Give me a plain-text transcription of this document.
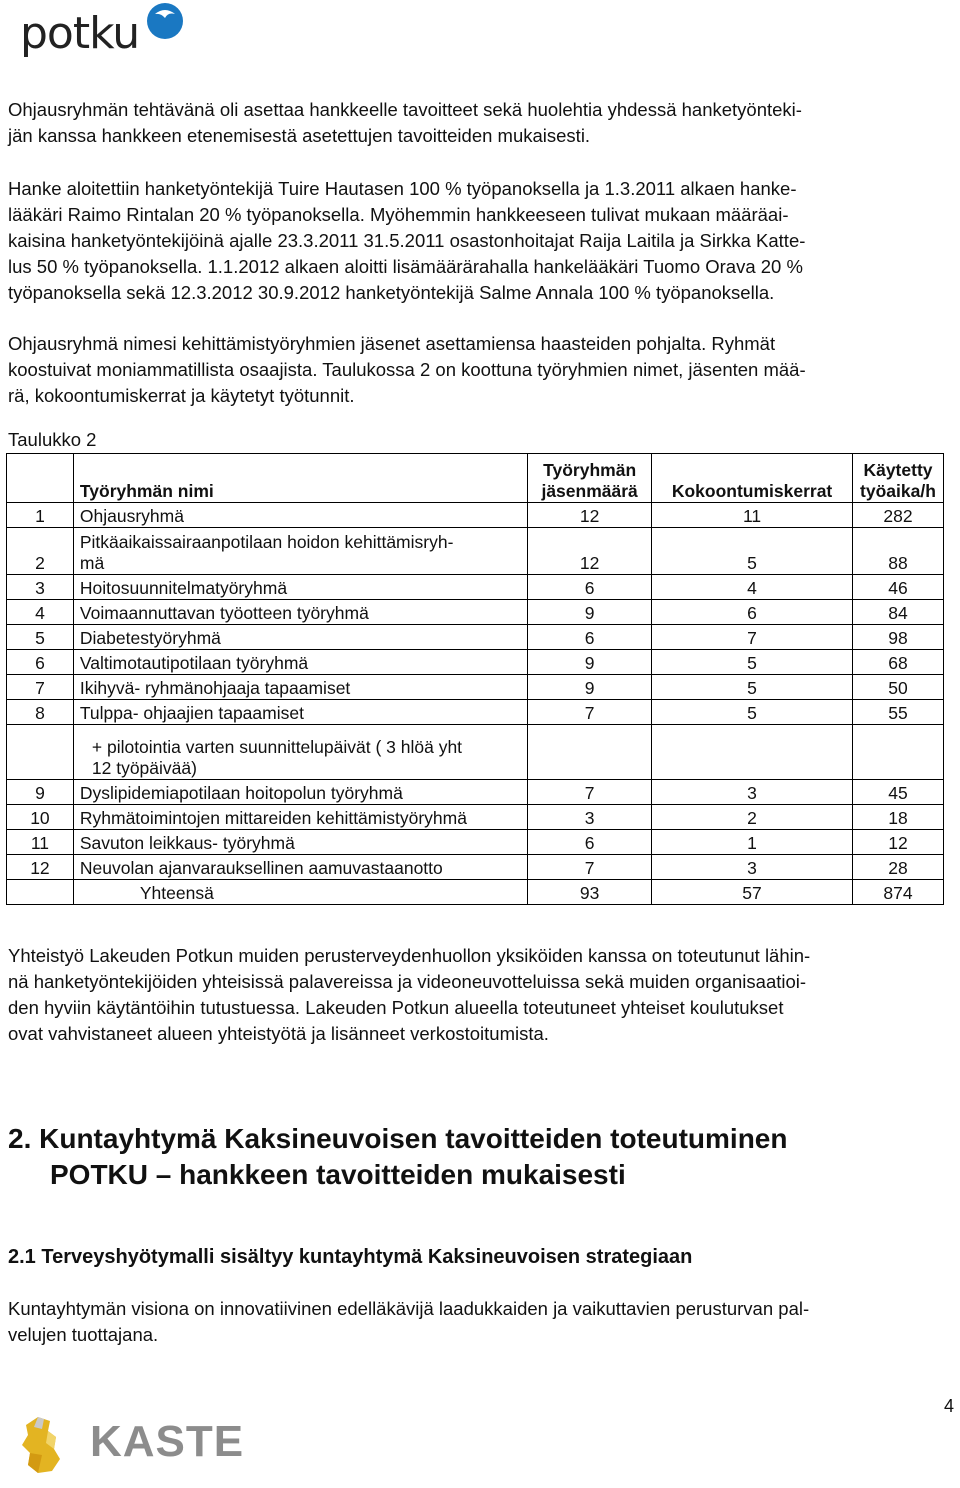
potku
Ohjausryhmän tehtävänä oli asettaa hankkeelle tavoitteet sekä huolehtia yhdessä hanketyönteki-
jän kanssa hankkeen etenemisestä asetettujen tavoitteiden mukaisesti.
Hanke aloitettiin hanketyöntekijä Tuire Hautasen 100 % työpanoksella ja 1.3.2011 alkaen hanke-
lääkäri Raimo Rintalan 20 % työpanoksella. Myöhemmin hankkeeseen tulivat mukaan määräai-
kaisina hanketyöntekijöinä ajalle 23.3.2011 31.5.2011 osastonhoitajat Raija Laitila ja Sirkka Katte-
lus 50 % työpanoksella. 1.1.2012 alkaen aloitti lisämäärärahalla hankelääkäri Tuomo Orava 20 %
työpanoksella sekä 12.3.2012 30.9.2012 hanketyöntekijä Salme Annala 100 % työpanoksella.
Ohjausryhmä nimesi kehittämistyöryhmien jäsenet asettamiensa haasteiden pohjalta. Ryhmät
koostuivat moniammatillista osaajista. Taulukossa 2 on koottuna työryhmien nimet, jäsenten mää-
rä, kokoontumiskerrat ja käytetyt työtunnit.
Taulukko 2
	Työryhmän nimi	Työryhmän
jäsenmäärä	Kokoontumiskerrat	Käytetty
työaika/h
1	Ohjausryhmä	12	11	282
2	Pitkäaikaissairaanpotilaan hoidon kehittämisryh-
mä	12	5	88
3	Hoitosuunnitelmatyöryhmä	6	4	46
4	Voimaannuttavan työotteen työryhmä	9	6	84
5	Diabetestyöryhmä	6	7	98
6	Valtimotautipotilaan työryhmä	9	5	68
7	Ikihyvä- ryhmänohjaaja tapaamiset	9	5	50
8	Tulppa- ohjaajien tapaamiset	7	5	55
	+ pilotointia varten suunnittelupäivät ( 3 hlöä yht
12 työpäivää)			
9	Dyslipidemiapotilaan hoitopolun työryhmä	7	3	45
10	Ryhmätoimintojen mittareiden kehittämistyöryhmä	3	2	18
11	Savuton leikkaus- työryhmä	6	1	12
12	Neuvolan ajanvarauksellinen aamuvastaanotto	7	3	28
	Yhteensä	93	57	874
Yhteistyö Lakeuden Potkun muiden perusterveydenhuollon yksiköiden kanssa on toteutunut lähin-
nä hanketyöntekijöiden yhteisissä palavereissa ja videoneuvotteluissa sekä muiden organisaatioi-
den hyviin käytäntöihin tutustuessa. Lakeuden Potkun alueella toteutuneet yhteiset koulutukset
ovat vahvistaneet alueen yhteistyötä ja lisänneet verkostoitumista.
2. Kuntayhtymä Kaksineuvoisen tavoitteiden toteutuminen
POTKU – hankkeen tavoitteiden mukaisesti
2.1 Terveyshyötymalli sisältyy kuntayhtymä Kaksineuvoisen strategiaan
Kuntayhtymän visiona on innovatiivinen edelläkävijä laadukkaiden ja vaikuttavien perusturvan pal-
velujen tuottajana.
4
KASTE
